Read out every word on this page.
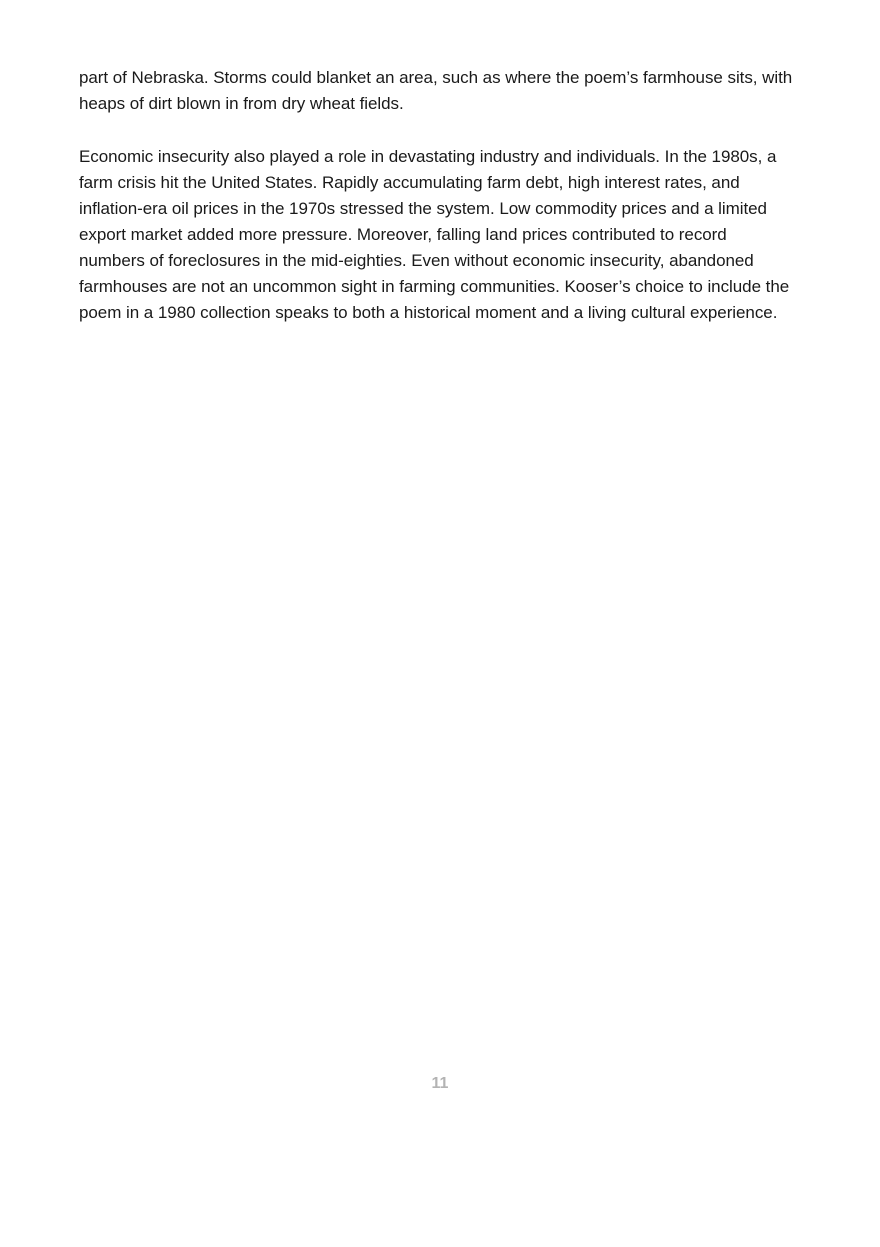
part of Nebraska. Storms could blanket an area, such as where the poem’s farmhouse sits, with heaps of dirt blown in from dry wheat fields.

Economic insecurity also played a role in devastating industry and individuals. In the 1980s, a farm crisis hit the United States. Rapidly accumulating farm debt, high interest rates, and inflation-era oil prices in the 1970s stressed the system. Low commodity prices and a limited export market added more pressure. Moreover, falling land prices contributed to record numbers of foreclosures in the mid-eighties. Even without economic insecurity, abandoned farmhouses are not an uncommon sight in farming communities. Kooser’s choice to include the poem in a 1980 collection speaks to both a historical moment and a living cultural experience.

11
